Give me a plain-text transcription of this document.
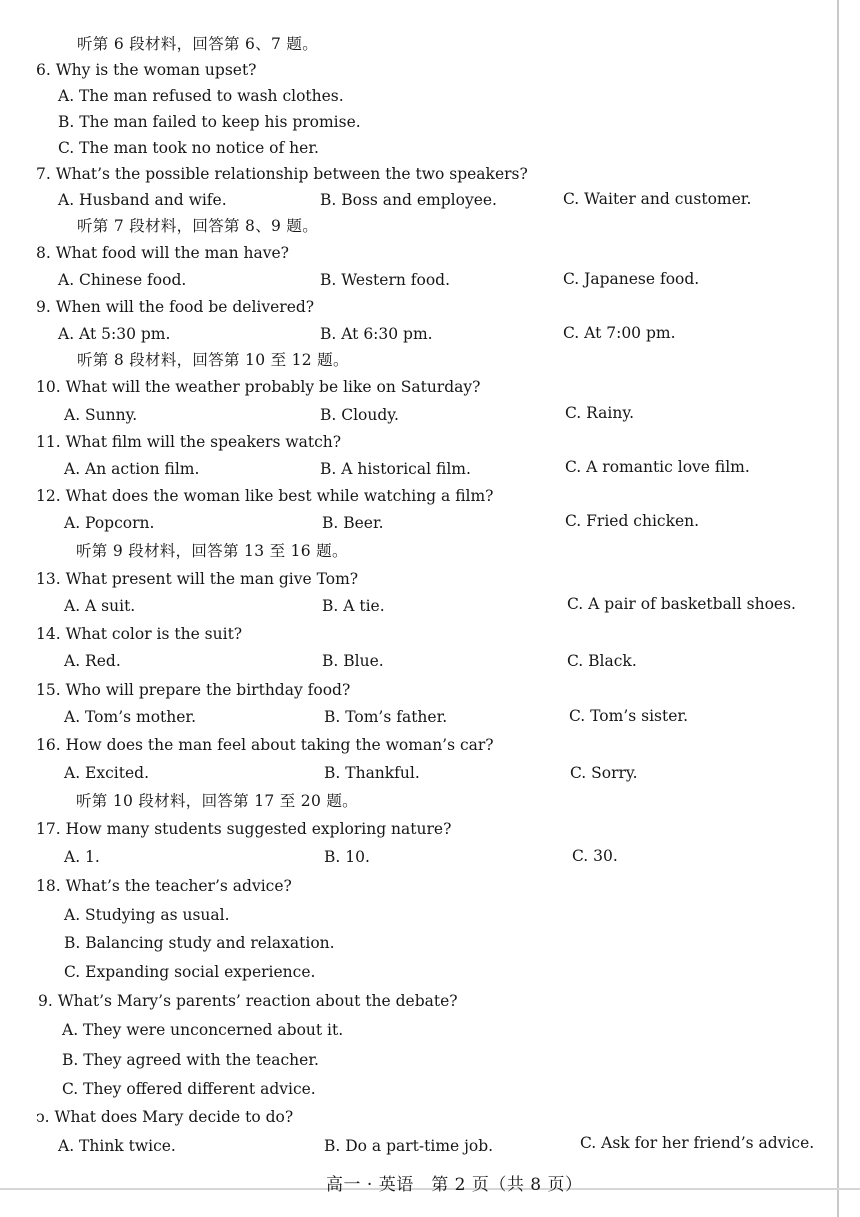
听第 6 段材料，回答第 6、7 题。
6. Why is the woman upset?
A. The man refused to wash clothes.
B. The man failed to keep his promise.
C. The man took no notice of her.
7. What’s the possible relationship between the two speakers?
A. Husband and wife.	B. Boss and employee.	C. Waiter and customer.
听第 7 段材料，回答第 8、9 题。
8. What food will the man have?
A. Chinese food.	B. Western food.	C. Japanese food.
9. When will the food be delivered?
A. At 5:30 pm.	B. At 6:30 pm.	C. At 7:00 pm.
听第 8 段材料，回答第 10 至 12 题。
10. What will the weather probably be like on Saturday?
A. Sunny.	B. Cloudy.	C. Rainy.
11. What film will the speakers watch?
A. An action film.	B. A historical film.	C. A romantic love film.
12. What does the woman like best while watching a film?
A. Popcorn.	B. Beer.	C. Fried chicken.
听第 9 段材料，回答第 13 至 16 题。
13. What present will the man give Tom?
A. A suit.	B. A tie.	C. A pair of basketball shoes.
14. What color is the suit?
A. Red.	B. Blue.	C. Black.
15. Who will prepare the birthday food?
A. Tom’s mother.	B. Tom’s father.	C. Tom’s sister.
16. How does the man feel about taking the woman’s car?
A. Excited.	B. Thankful.	C. Sorry.
听第 10 段材料，回答第 17 至 20 题。
17. How many students suggested exploring nature?
A. 1.	B. 10.	C. 30.
18. What’s the teacher’s advice?
A. Studying as usual.
B. Balancing study and relaxation.
C. Expanding social experience.
9. What’s Mary’s parents’ reaction about the debate?
A. They were unconcerned about it.
B. They agreed with the teacher.
C. They offered different advice.
ↄ. What does Mary decide to do?
A. Think twice.	B. Do a part-time job.	C. Ask for her friend’s advice.
高一 · 英语　第 2 页（共 8 页）
